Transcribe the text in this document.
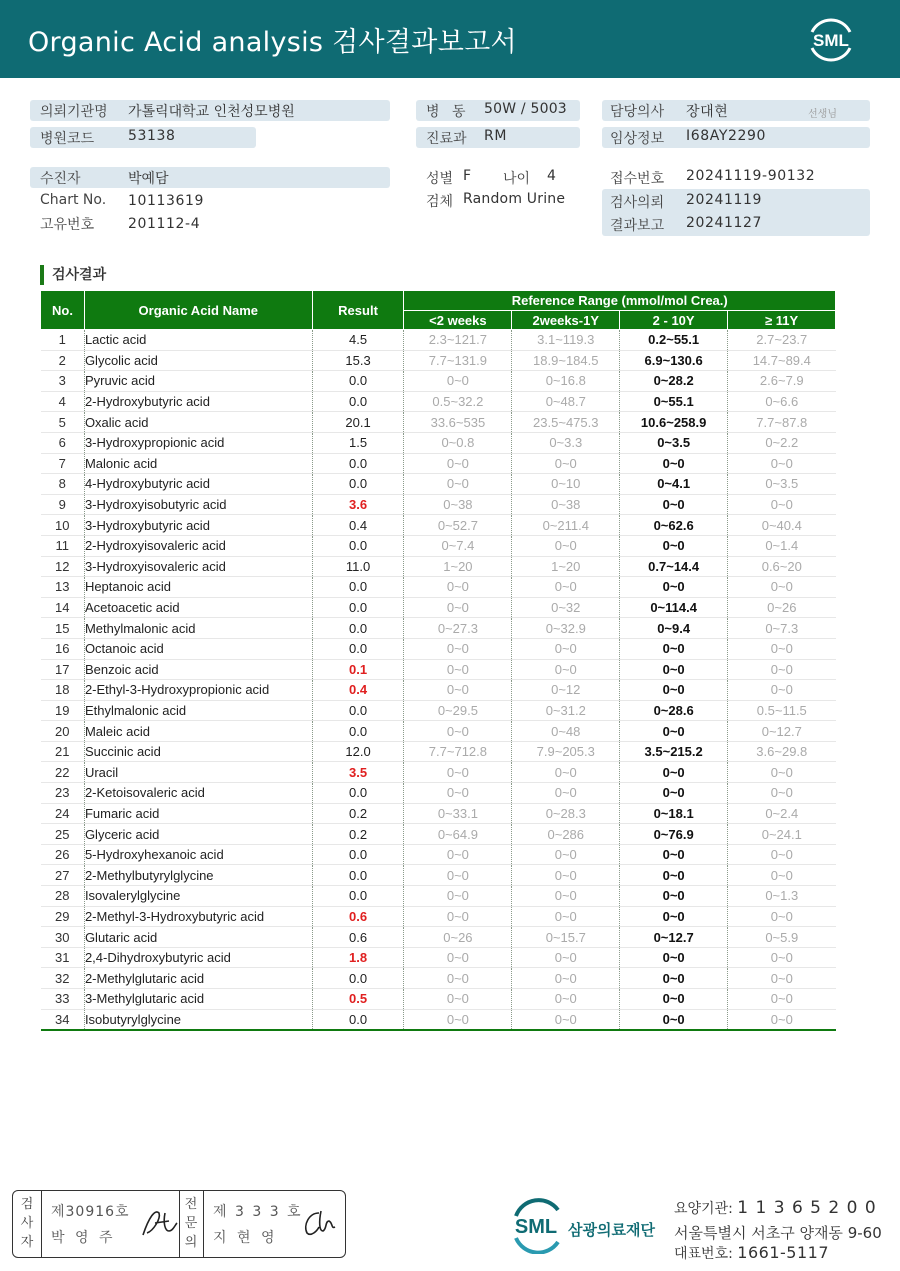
Organic Acid analysis 검사결과보고서	SML
의뢰기관명 가톨릭대학교 인천성모병원
병원코드 53138
병 동 50W / 5003
진료과 RM
담당의사 장대현	선생님
임상정보 I68AY2290
수진자	박예담
Chart No. 10113619
고유번호 201112-4
성별 F 나이 4
검체 Random Urine
접수번호 20241119-90132
검사의뢰 20241119
결과보고 20241127
검사결과
No.	Organic Acid Name	Result	Reference Range (mmol/mol Crea.)			
			<2 weeks	2weeks-1Y	2 - 10Y	≥ 11Y
1	Lactic acid	4.5	2.3~121.7	3.1~119.3	0.2~55.1	2.7~23.7
2	Glycolic acid	15.3	7.7~131.9	18.9~184.5	6.9~130.6	14.7~89.4
3	Pyruvic acid	0.0	0~0	0~16.8	0~28.2	2.6~7.9
4	2-Hydroxybutyric acid	0.0	0.5~32.2	0~48.7	0~55.1	0~6.6
5	Oxalic acid	20.1	33.6~535	23.5~475.3	10.6~258.9	7.7~87.8
6	3-Hydroxypropionic acid	1.5	0~0.8	0~3.3	0~3.5	0~2.2
7	Malonic acid	0.0	0~0	0~0	0~0	0~0
8	4-Hydroxybutyric acid	0.0	0~0	0~10	0~4.1	0~3.5
9	3-Hydroxyisobutyric acid	3.6	0~38	0~38	0~0	0~0
10	3-Hydroxybutyric acid	0.4	0~52.7	0~211.4	0~62.6	0~40.4
11	2-Hydroxyisovaleric acid	0.0	0~7.4	0~0	0~0	0~1.4
12	3-Hydroxyisovaleric acid	11.0	1~20	1~20	0.7~14.4	0.6~20
13	Heptanoic acid	0.0	0~0	0~0	0~0	0~0
14	Acetoacetic acid	0.0	0~0	0~32	0~114.4	0~26
15	Methylmalonic acid	0.0	0~27.3	0~32.9	0~9.4	0~7.3
16	Octanoic acid	0.0	0~0	0~0	0~0	0~0
17	Benzoic acid	0.1	0~0	0~0	0~0	0~0
18	2-Ethyl-3-Hydroxypropionic acid	0.4	0~0	0~12	0~0	0~0
19	Ethylmalonic acid	0.0	0~29.5	0~31.2	0~28.6	0.5~11.5
20	Maleic acid	0.0	0~0	0~48	0~0	0~12.7
21	Succinic acid	12.0	7.7~712.8	7.9~205.3	3.5~215.2	3.6~29.8
22	Uracil	3.5	0~0	0~0	0~0	0~0
23	2-Ketoisovaleric acid	0.0	0~0	0~0	0~0	0~0
24	Fumaric acid	0.2	0~33.1	0~28.3	0~18.1	0~2.4
25	Glyceric acid	0.2	0~64.9	0~286	0~76.9	0~24.1
26	5-Hydroxyhexanoic acid	0.0	0~0	0~0	0~0	0~0
27	2-Methylbutyrylglycine	0.0	0~0	0~0	0~0	0~0
28	Isovalerylglycine	0.0	0~0	0~0	0~0	0~1.3
29	2-Methyl-3-Hydroxybutyric acid	0.6	0~0	0~0	0~0	0~0
30	Glutaric acid	0.6	0~26	0~15.7	0~12.7	0~5.9
31	2,4-Dihydroxybutyric acid	1.8	0~0	0~0	0~0	0~0
32	2-Methylglutaric acid	0.0	0~0	0~0	0~0	0~0
33	3-Methylglutaric acid	0.5	0~0	0~0	0~0	0~0
34	Isobutyrylglycine	0.0	0~0	0~0	0~0	0~0
검사자
제30916호
박 영 주
전문의
제 3 3 3 호
지 현 영	SML 삼광의료재단
요양기관: 1 1 3 6 5 2 0 0
서울특별시 서초구 양재동 9-60
대표번호: 1661-5117
